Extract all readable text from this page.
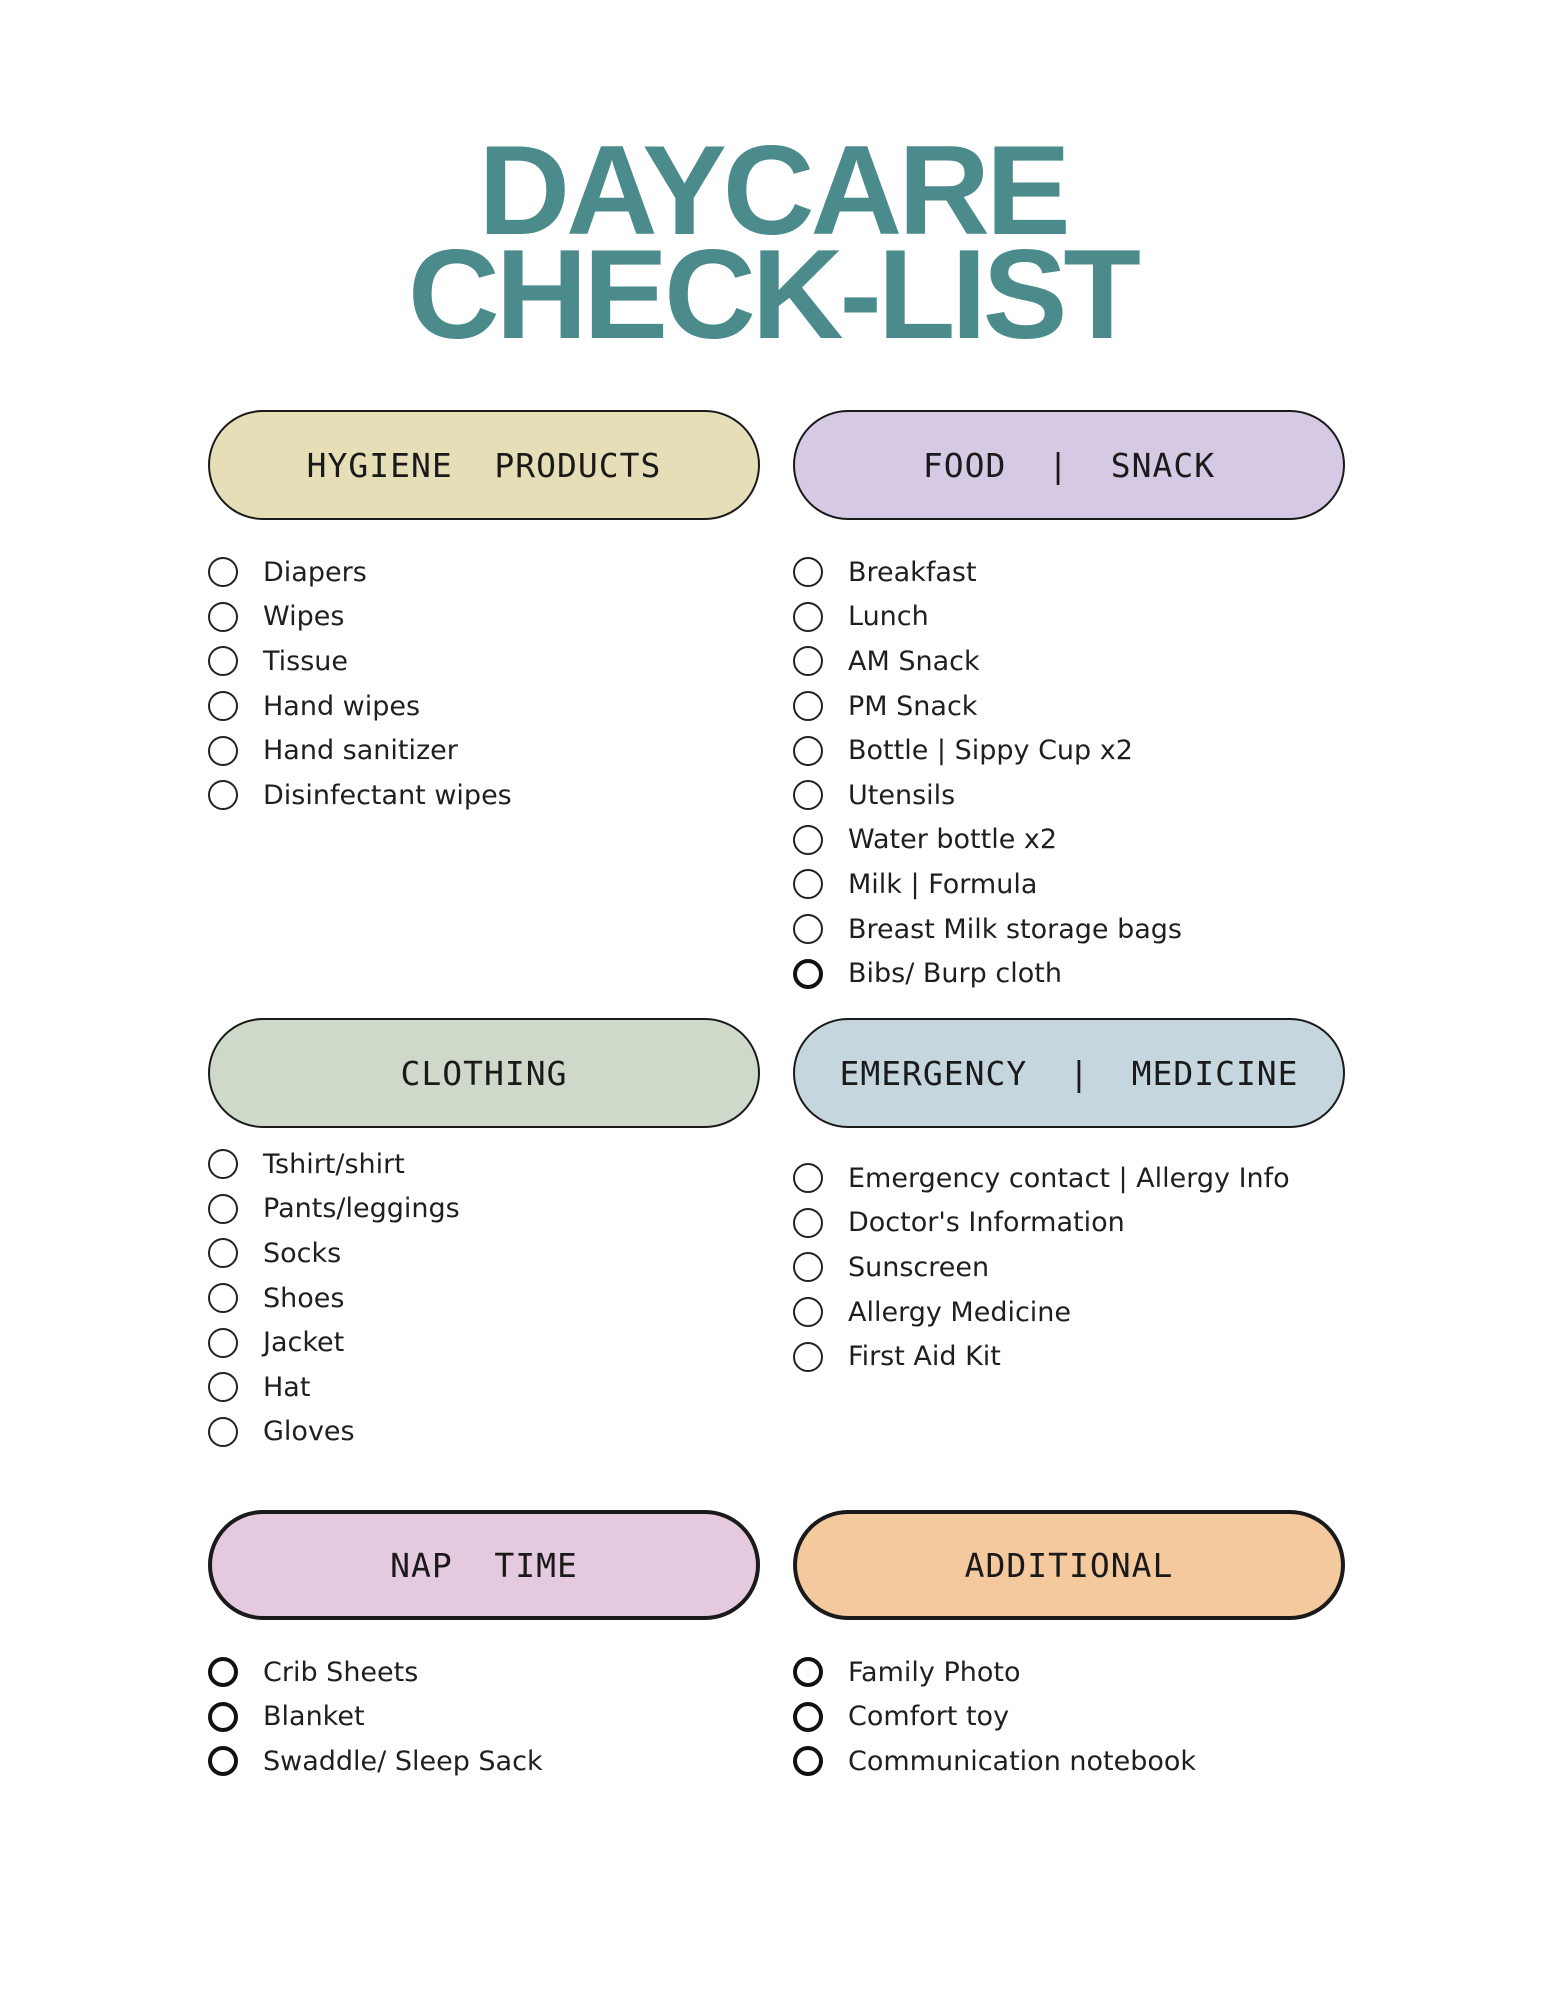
DAYCARE
CHECK-LIST
HYGIENE  PRODUCTS
Diapers
Wipes
Tissue
Hand wipes
Hand sanitizer
Disinfectant wipes
FOOD  |  SNACK
Breakfast
Lunch
AM Snack
PM Snack
Bottle | Sippy Cup x2
Utensils
Water bottle x2
Milk | Formula
Breast Milk storage bags
Bibs/ Burp cloth
CLOTHING
Tshirt/shirt
Pants/leggings
Socks
Shoes
Jacket
Hat
Gloves
EMERGENCY  |  MEDICINE
Emergency contact | Allergy Info
Doctor's Information
Sunscreen
Allergy Medicine
First Aid Kit
NAP  TIME
Crib Sheets
Blanket
Swaddle/ Sleep Sack
ADDITIONAL
Family Photo
Comfort toy
Communication notebook
